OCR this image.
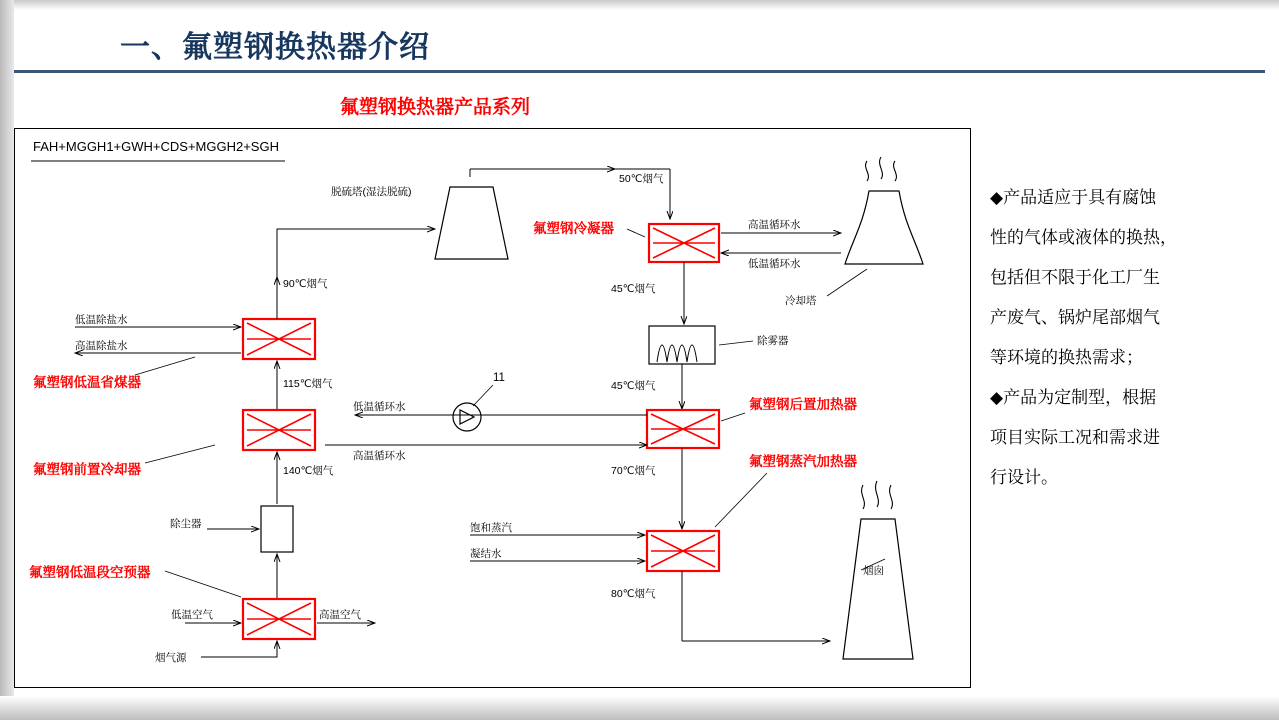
一、氟塑钢换热器介绍
氟塑钢换热器产品系列
FAH+MGGH1+GWH+CDS+MGGH2+SGH
脱硫塔(湿法脱硫)
50℃烟气
氟塑钢冷凝器	高温循环水
低温循环水
冷却塔
45℃烟气
除雾器
45℃烟气
氟塑钢后置加热器
低温循环水
高温循环水
11
70℃烟气
氟塑钢蒸汽加热器
饱和蒸汽
凝结水
80℃烟气
烟囱
90℃烟气
氟塑钢低温省煤器
低温除盐水
高温除盐水
115℃烟气
氟塑钢前置冷却器	140℃烟气
除尘器
氟塑钢低温段空预器
低温空气	高温空气
烟气源

◆产品适应于具有腐蚀

性的气体或液体的换热，

包括但不限于化工厂生

产废气、锅炉尾部烟气

等环境的换热需求；

◆产品为定制型，根据

项目实际工况和需求进

行设计。
